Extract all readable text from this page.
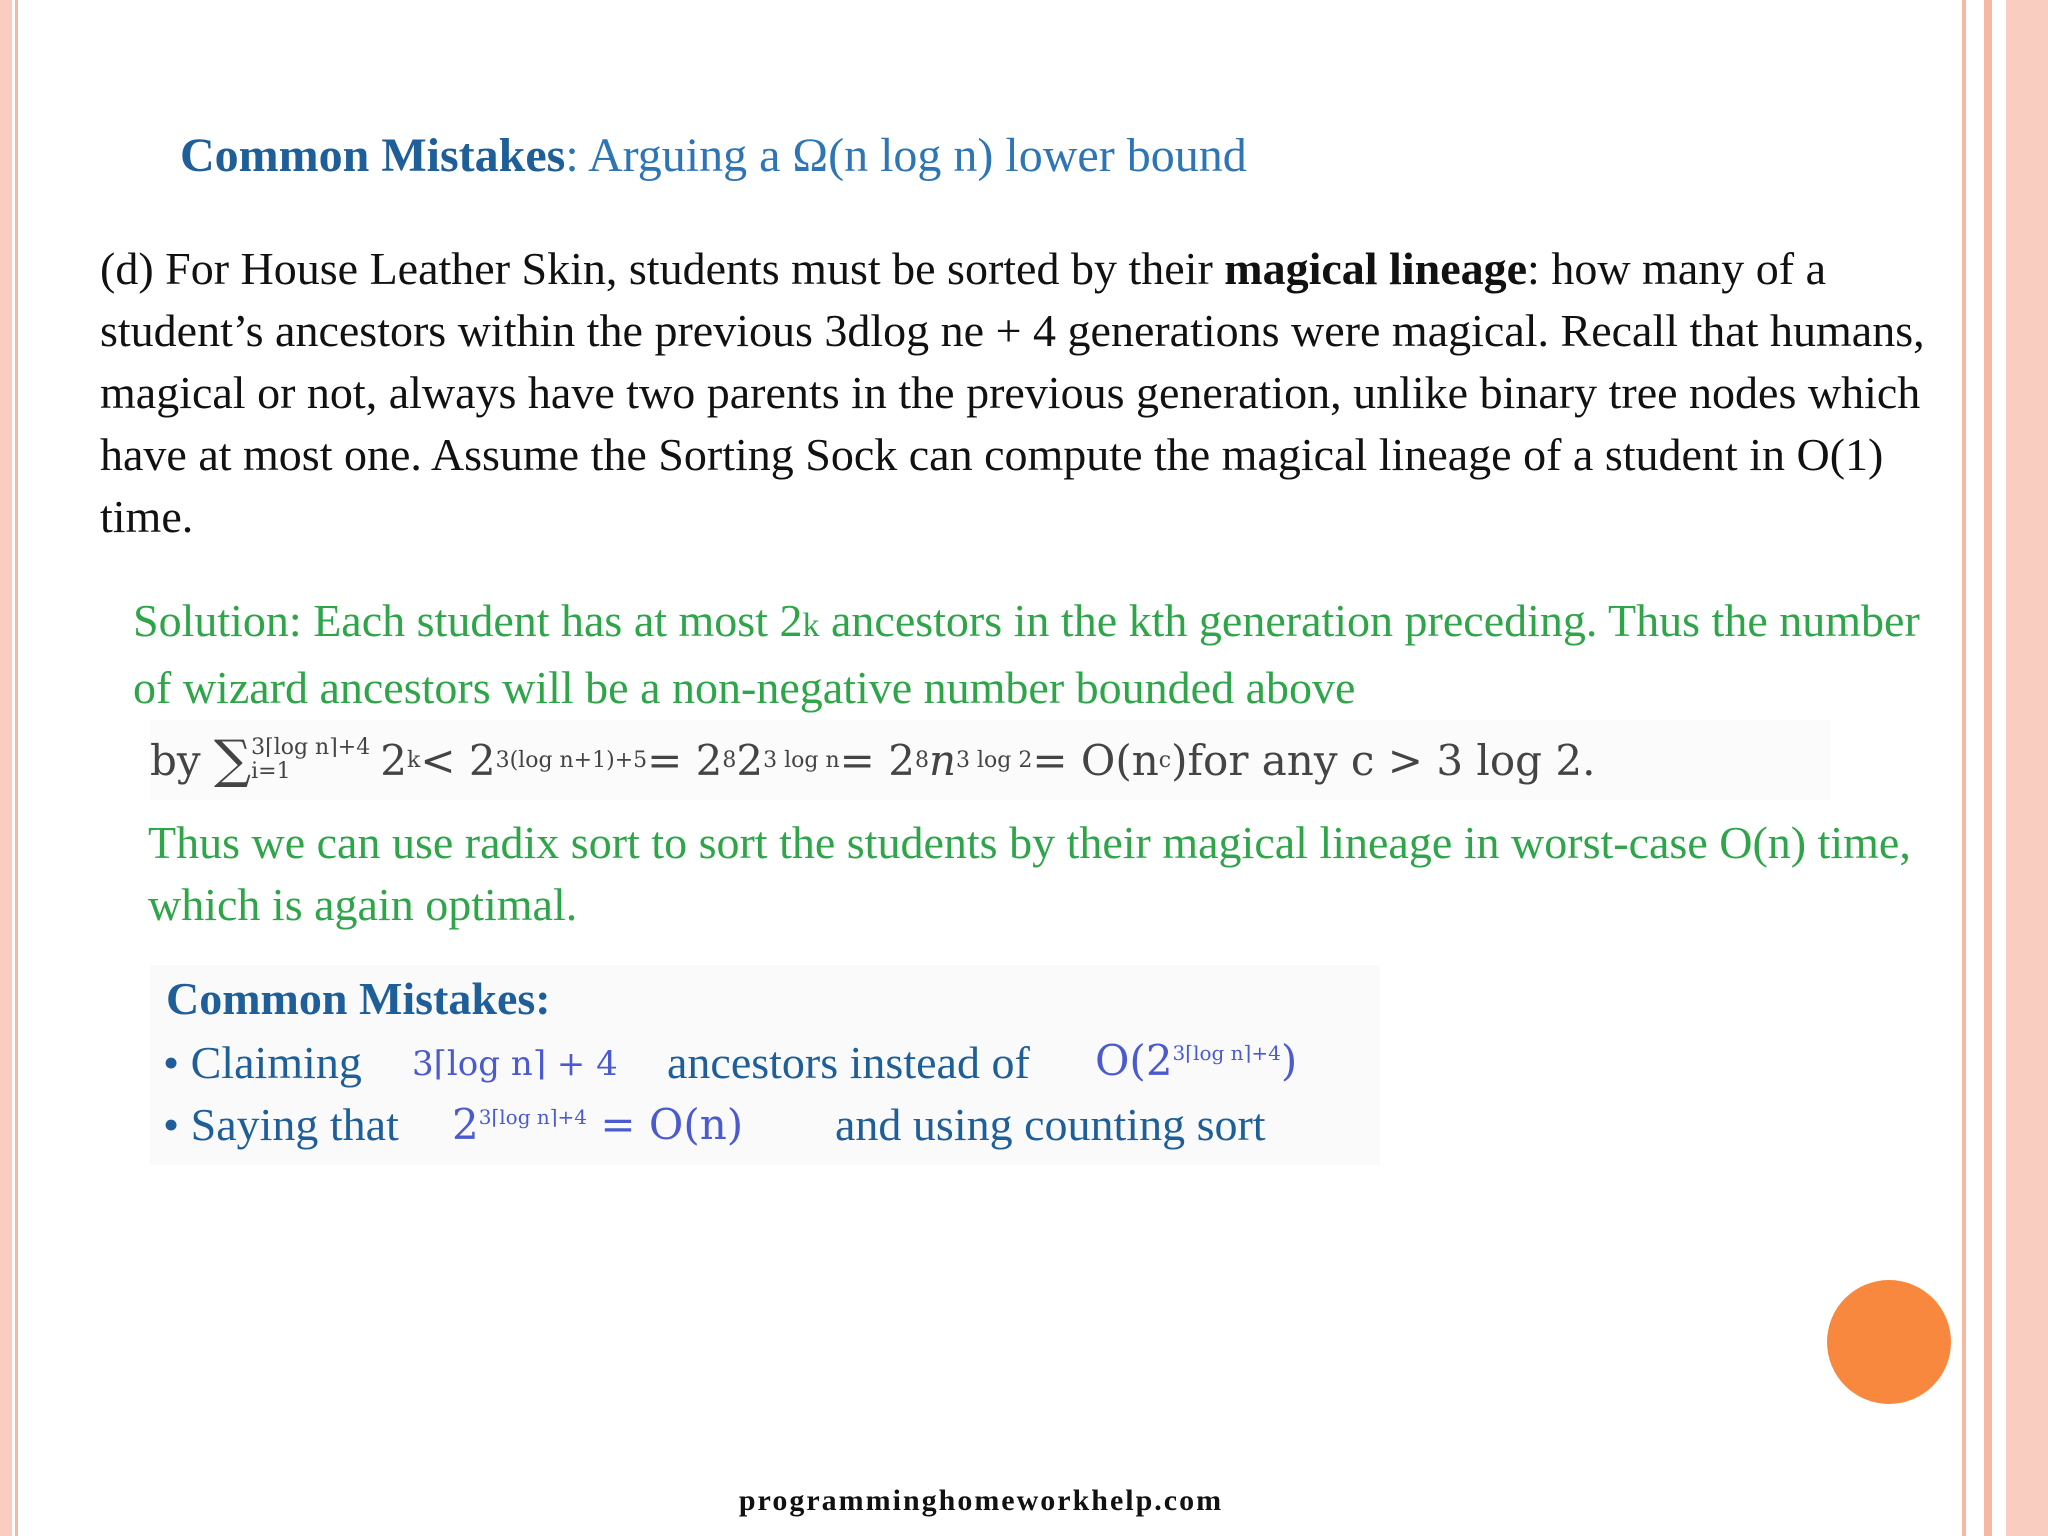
Common Mistakes: Arguing a Ω(n log n) lower bound
(d) For House Leather Skin, students must be sorted by their magical lineage: how many of a student’s ancestors within the previous 3dlog ne + 4 generations were magical. Recall that humans, magical or not, always have two parents in the previous generation, unlike binary tree nodes which have at most one. Assume the Sorting Sock can compute the magical lineage of a student in O(1) time.
Solution: Each student has at most 2k ancestors in the kth generation preceding. Thus the number of wizard ancestors will be a non-negative number bounded above
by
∑ 3⌈log n⌉+4
i=1	2 k < 2 3(log n+1)+5 = 2 8 2 3 log n = 2 8 n 3 log 2 = O(n c ) for any c > 3 log 2.
Thus we can use radix sort to sort the students by their magical lineage in worst-case O(n) time, which is again optimal.
Common Mistakes:
• Claiming 3⌈log n⌉ + 4 ancestors instead of $O(2^{3⌈log n⌉+4})$
• Saying that $2^{3⌈log n⌉+4} = O(n)$ and using counting sort
programminghomeworkhelp.com
